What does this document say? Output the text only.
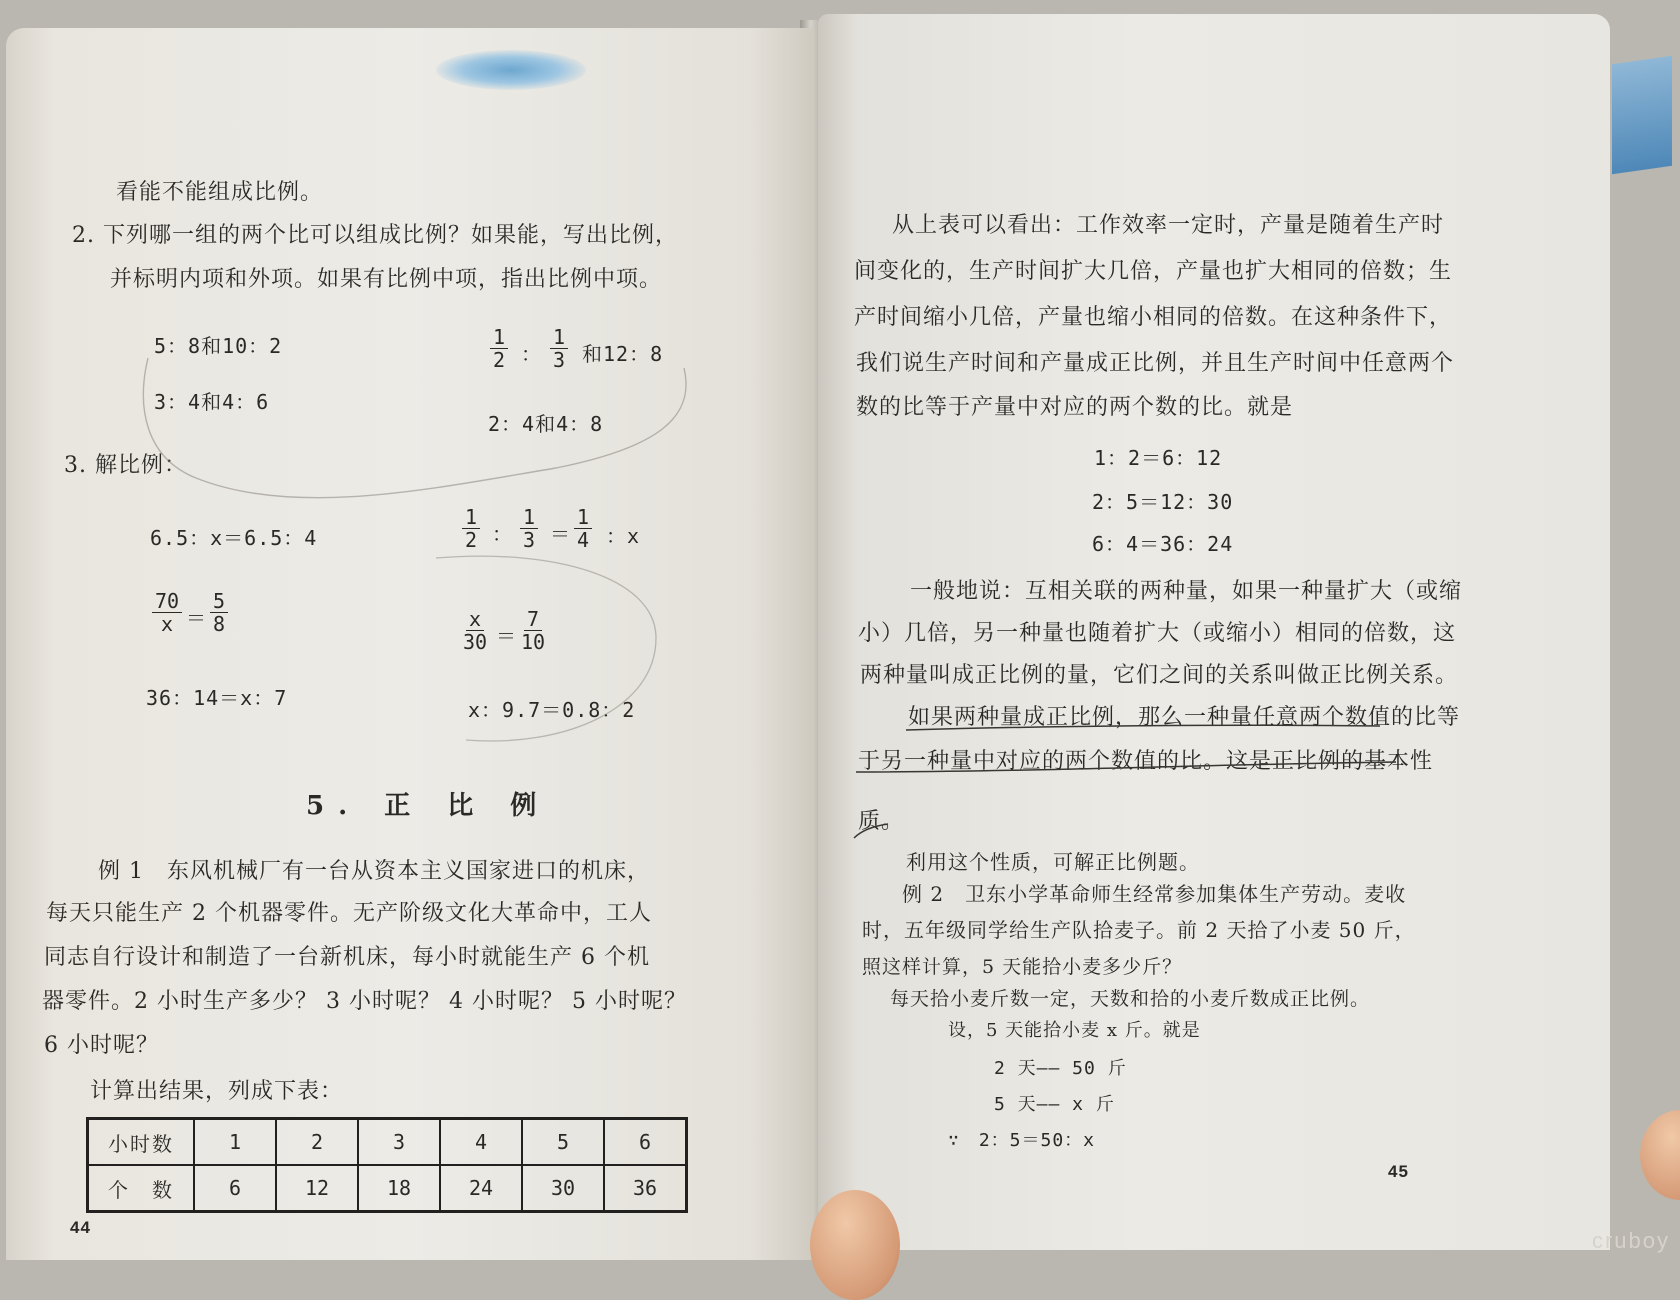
看能不能组成比例。
2. 下列哪一组的两个比可以组成比例？如果能，写出比例，
并标明内项和外项。如果有比例中项，指出比例中项。
5：8和10：2
3：4和4：6
$\frac{1}{2}$ ： $\frac{1}{3}$ 和12：8
2：4和4：8
3. 解比例：
6.5：x＝6.5：4	$\frac{1}{2}$ ： $\frac{1}{3} = \frac{1}{4}$ ：x
$\frac{70}{x} = \frac{5}{8}$	$\frac{x}{30} = \frac{7}{10}$
36：14＝x：7	x：9.7＝0.8：2
5. 正 比 例
例 1　东风机械厂有一台从资本主义国家进口的机床，
每天只能生产 2 个机器零件。无产阶级文化大革命中，工人
同志自行设计和制造了一台新机床，每小时就能生产 6 个机
器零件。2 小时生产多少？ 3 小时呢？ 4 小时呢？ 5 小时呢？
6 小时呢？
计算出结果，列成下表：
小时数	1	2	3	4	5	6
个　数	6	12	18	24	30	36
44
从上表可以看出：工作效率一定时，产量是随着生产时
间变化的，生产时间扩大几倍，产量也扩大相同的倍数；生
产时间缩小几倍，产量也缩小相同的倍数。在这种条件下，
我们说生产时间和产量成正比例，并且生产时间中任意两个
数的比等于产量中对应的两个数的比。就是
1：2＝6：12
2：5＝12：30
6：4＝36：24
一般地说：互相关联的两种量，如果一种量扩大（或缩
小）几倍，另一种量也随着扩大（或缩小）相同的倍数，这
两种量叫成正比例的量，它们之间的关系叫做正比例关系。
如果两种量成正比例，那么一种量任意两个数值的比等
于另一种量中对应的两个数值的比。这是正比例的基本性
质。
利用这个性质，可解正比例题。
例 2　卫东小学革命师生经常参加集体生产劳动。麦收
时，五年级同学给生产队拾麦子。前 2 天拾了小麦 50 斤，
照这样计算，5 天能拾小麦多少斤？
每天拾小麦斤数一定，天数和拾的小麦斤数成正比例。
设，5 天能拾小麦 x 斤。就是
2 天—— 50 斤
5 天—— x 斤
∵　2：5＝50：x
45
cruboy
